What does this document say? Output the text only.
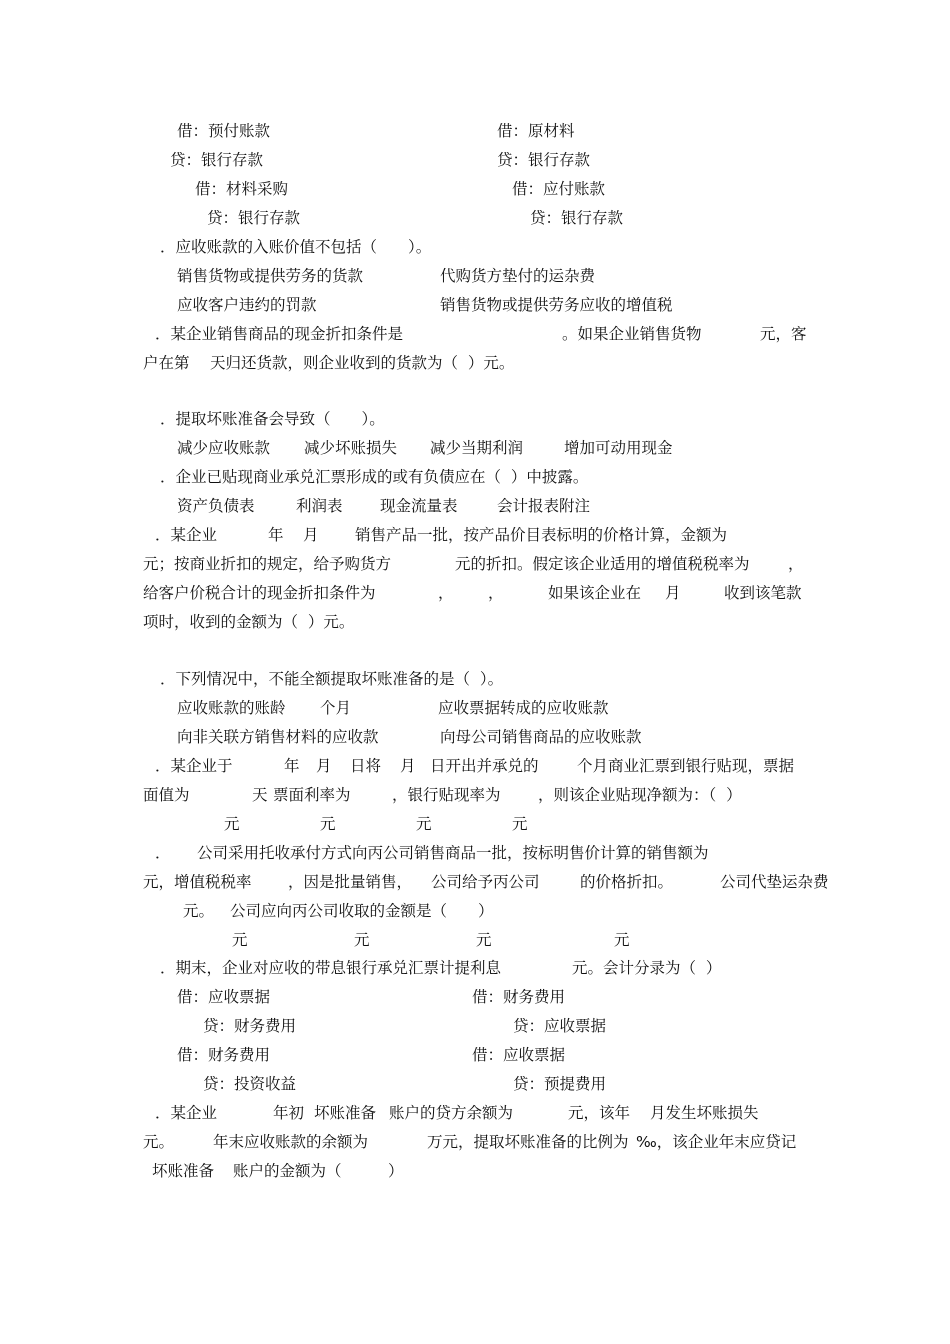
借：预付账款	借：原材料
贷：银行存款	贷：银行存款
借：材料采购	借：应付账款
贷：银行存款	贷：银行存款
．应收账款的入账价值不包括（　　）。
销售货物或提供劳务的货款	代购货方垫付的运杂费
应收客户违约的罚款	销售货物或提供劳务应收的增值税
．某企业销售商品的现金折扣条件是	。如果企业销售货物	元，客
户在第 天归还货款，则企业收到的货款为（  ）元。
．提取坏账准备会导致（　　）。
减少应收账款 减少坏账损失 减少当期利润	增加可动用现金
．企业已贴现商业承兑汇票形成的或有负债应在（  ）中披露。
资产负债表	利润表 现金流量表	会计报表附注
．某企业	年 月 销售产品一批，按产品价目表标明的价格计算，金额为
元；按商业折扣的规定，给予购货方	元的折扣。假定该企业适用的增值税税率为 ，
给客户价税合计的现金折扣条件为	， ，	如果该企业在 月	收到该笔款
项时，收到的金额为（  ）元。
．下列情况中，不能全额提取坏账准备的是（  ）。
应收账款的账龄 个月	应收票据转成的应收账款
向非关联方销售材料的应收款	向母公司销售商品的应收账款
．某企业于	年 月 日将 月 日开出并承兑的 个月商业汇票到银行贴现，票据
面值为	天 票面利率为	，银行贴现率为 ，则该企业贴现净额为：（  ）
元	元	元	元
． 公司采用托收承付方式向丙公司销售商品一批，按标明售价计算的销售额为
元，增值税税率 ，因是批量销售， 公司给予丙公司	的价格折扣。	公司代垫运杂费
元。 公司应向丙公司收取的金额是（　　）
元	元	元	元
．期末，企业对应收的带息银行承兑汇票计提利息	元。会计分录为（  ）
借：应收票据	借：财务费用
贷：财务费用	贷：应收票据
借：财务费用	借：应收票据
贷：投资收益	贷：预提费用
．某企业	年初 坏账准备 账户的贷方余额为	元，该年 月发生坏账损失
元。	年末应收账款的余额为	万元，提取坏账准备的比例为 ‰，该企业年末应贷记
坏账准备 账户的金额为（　　　）
